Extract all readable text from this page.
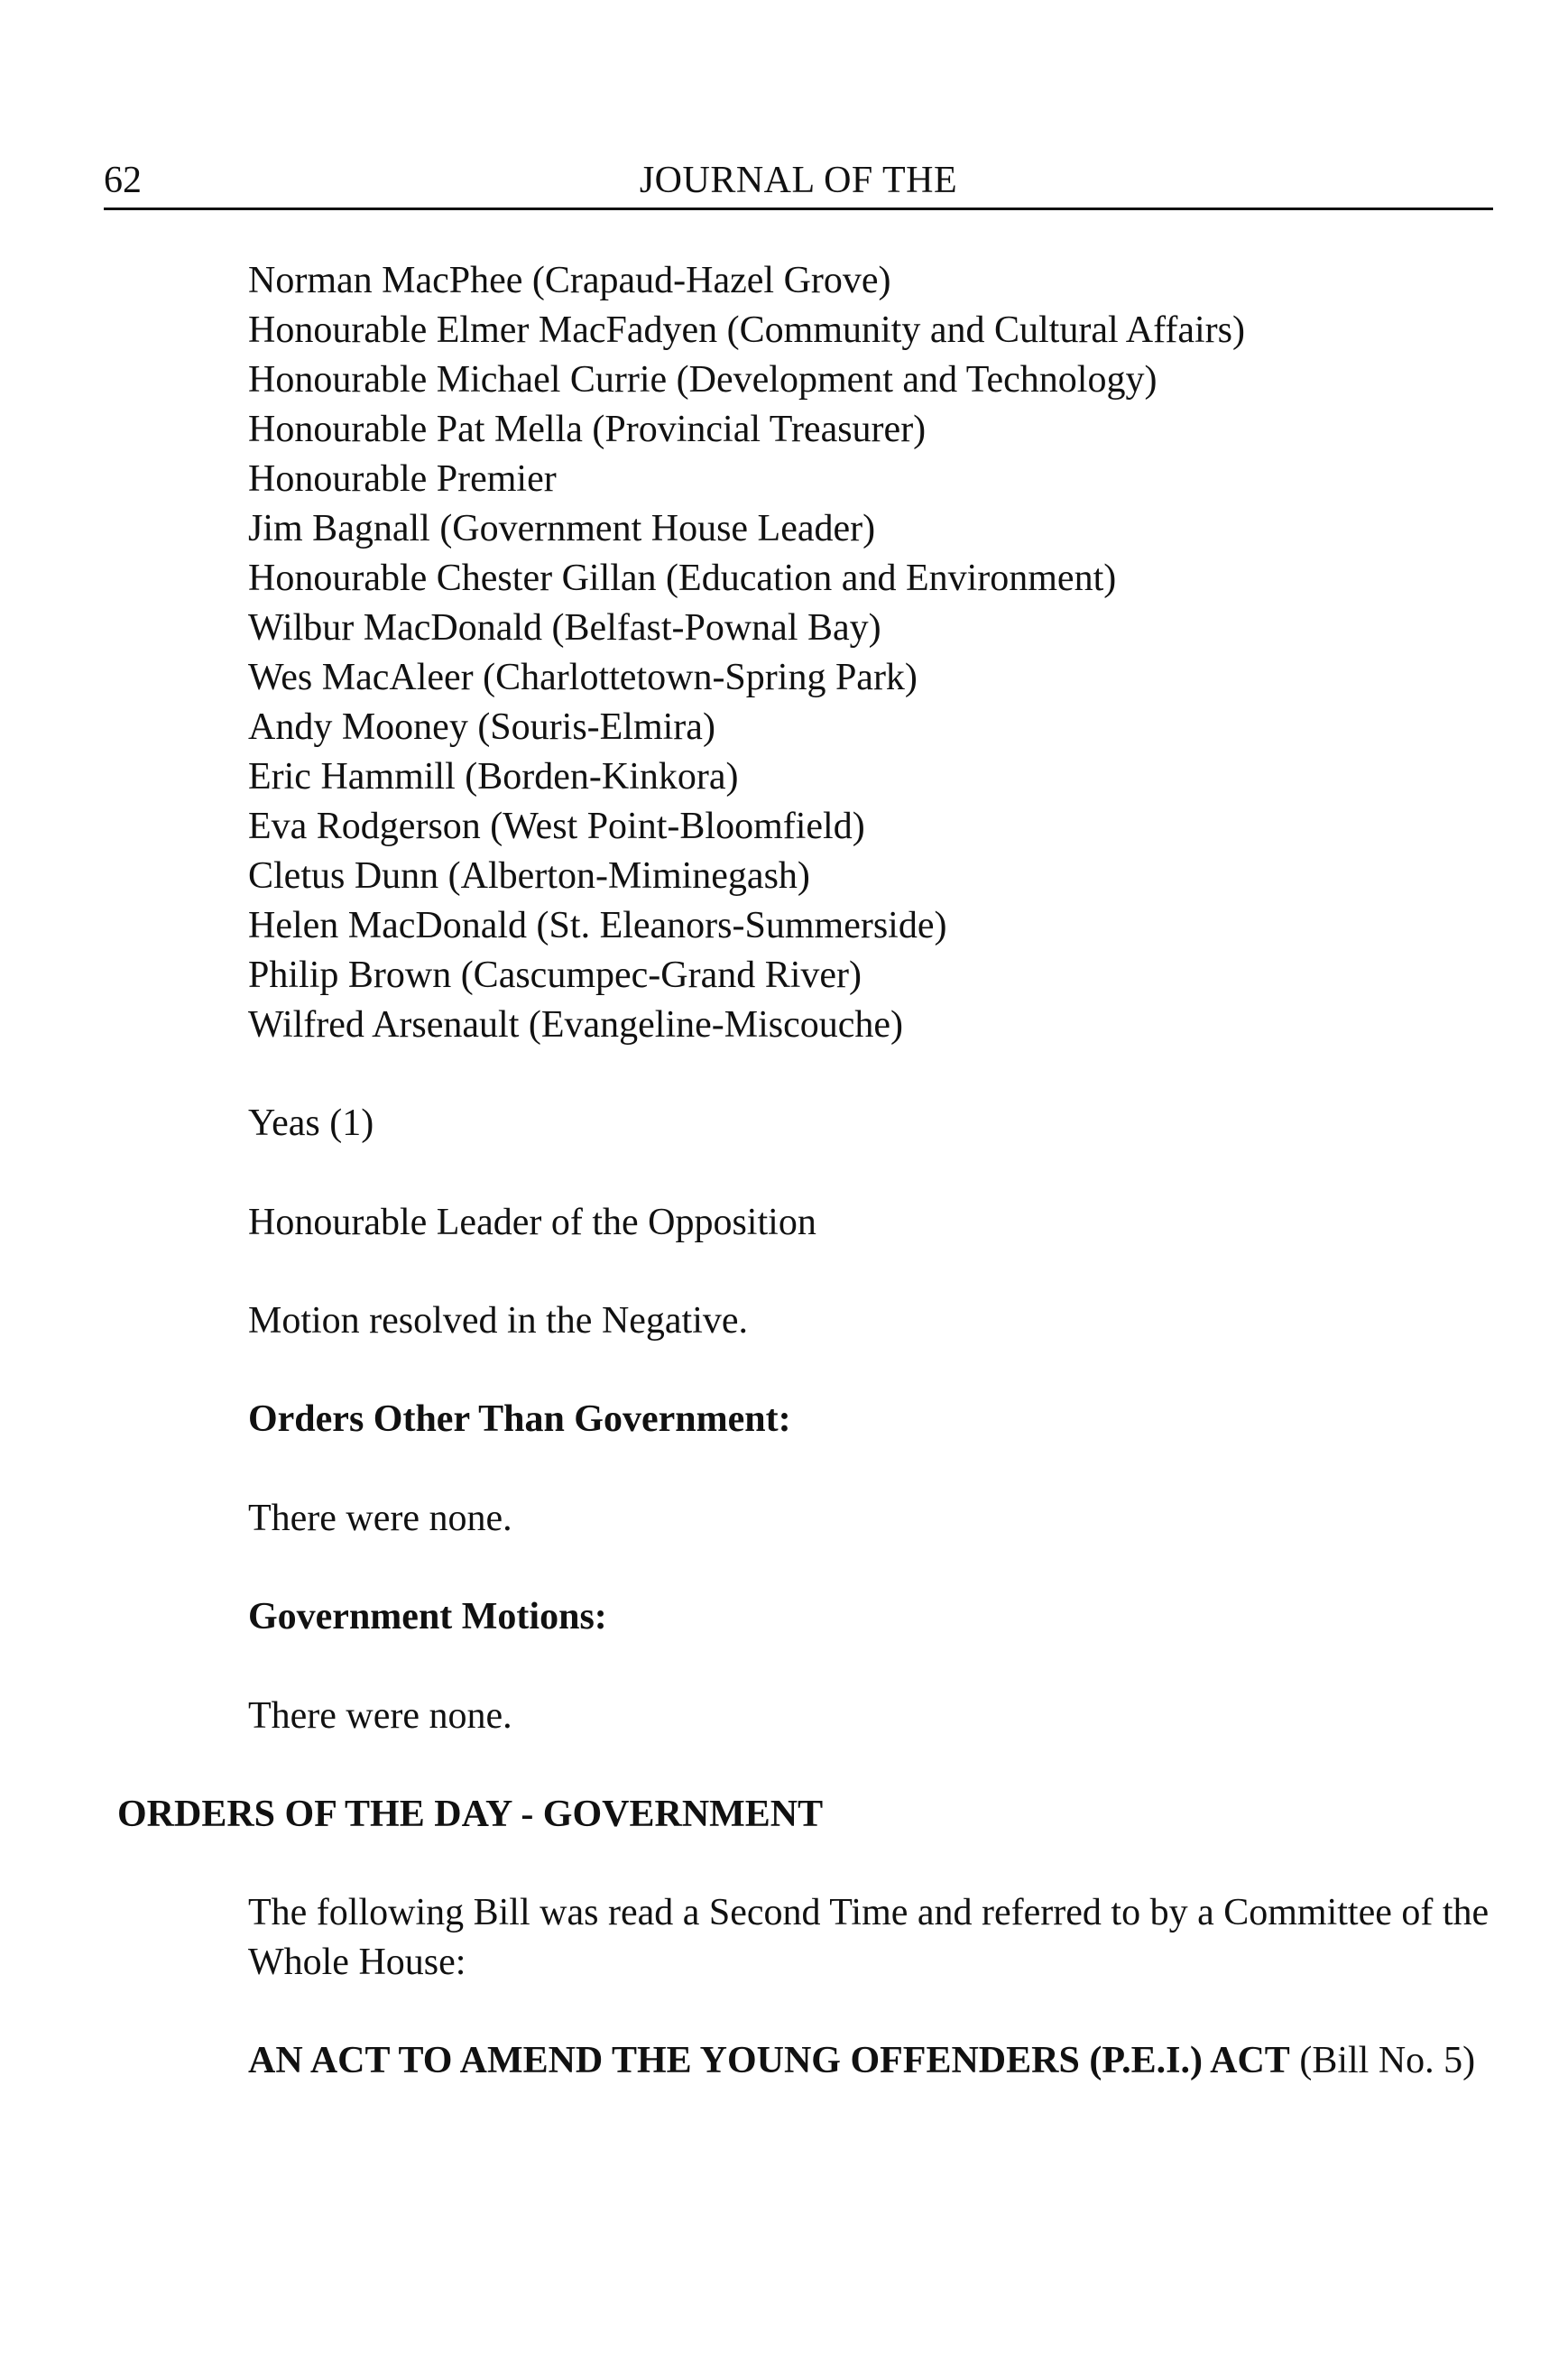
62	JOURNAL OF THE
Norman MacPhee (Crapaud-Hazel Grove)
Honourable Elmer MacFadyen (Community and Cultural Affairs)
Honourable Michael Currie (Development and Technology)
Honourable Pat Mella (Provincial Treasurer)
Honourable Premier
Jim Bagnall (Government House Leader)
Honourable Chester Gillan (Education and Environment)
Wilbur MacDonald (Belfast-Pownal Bay)
Wes MacAleer (Charlottetown-Spring Park)
Andy Mooney (Souris-Elmira)
Eric Hammill (Borden-Kinkora)
Eva Rodgerson (West Point-Bloomfield)
Cletus Dunn (Alberton-Miminegash)
Helen MacDonald (St. Eleanors-Summerside)
Philip Brown (Cascumpec-Grand River)
Wilfred Arsenault (Evangeline-Miscouche)

Yeas (1)

Honourable Leader of the Opposition

Motion resolved in the Negative.

Orders Other Than Government:

There were none.

Government Motions:

There were none.

ORDERS OF THE DAY - GOVERNMENT

The following Bill was read a Second Time and referred to by a Committee of the Whole House:

AN ACT TO AMEND THE YOUNG OFFENDERS (P.E.I.) ACT (Bill No. 5)
